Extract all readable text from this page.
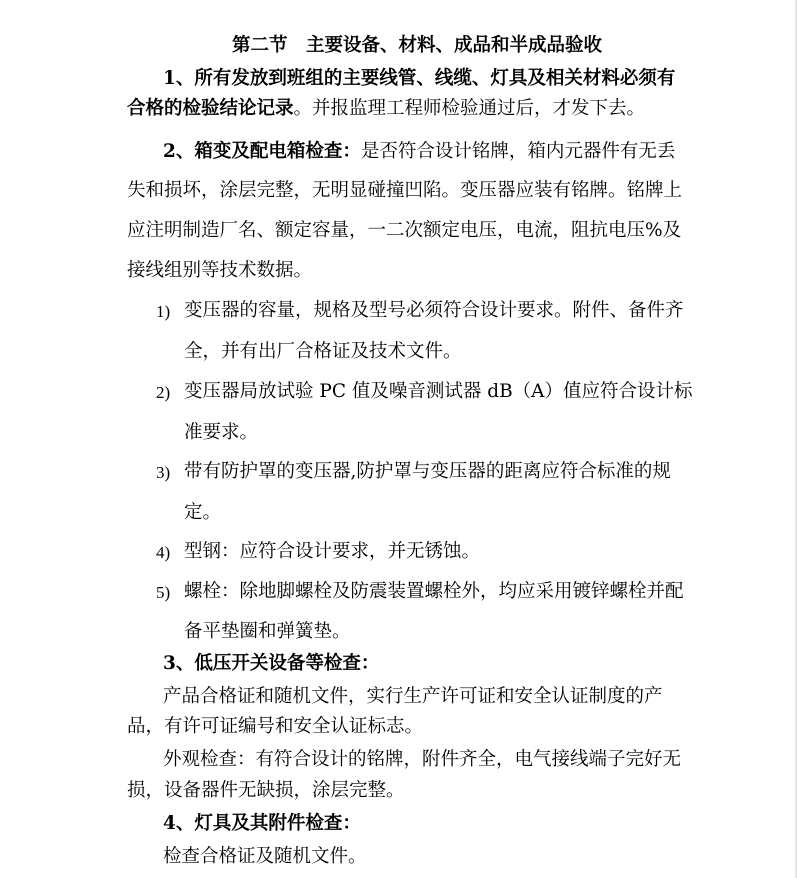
第二节　主要设备、材料、成品和半成品验收
1、所有发放到班组的主要线管、线缆、灯具及相关材料必须有
合格的检验结论记录。并报监理工程师检验通过后，才发下去。
2、箱变及配电箱检查：是否符合设计铭牌，箱内元器件有无丢
失和损坏，涂层完整，无明显碰撞凹陷。变压器应装有铭牌。铭牌上
应注明制造厂名、额定容量，一二次额定电压，电流，阻抗电压%及
接线组别等技术数据。
1) 变压器的容量，规格及型号必须符合设计要求。附件、备件齐
全，并有出厂合格证及技术文件。
2) 变压器局放试验 PC 值及噪音测试器 dB（A）值应符合设计标
准要求。
3) 带有防护罩的变压器,防护罩与变压器的距离应符合标准的规
定。
4) 型钢：应符合设计要求，并无锈蚀。
5) 螺栓：除地脚螺栓及防震装置螺栓外，均应采用镀锌螺栓并配
备平垫圈和弹簧垫。
3、低压开关设备等检查：
产品合格证和随机文件，实行生产许可证和安全认证制度的产
品，有许可证编号和安全认证标志。
外观检查：有符合设计的铭牌，附件齐全，电气接线端子完好无
损，设备器件无缺损，涂层完整。
4、灯具及其附件检查：
检查合格证及随机文件。
